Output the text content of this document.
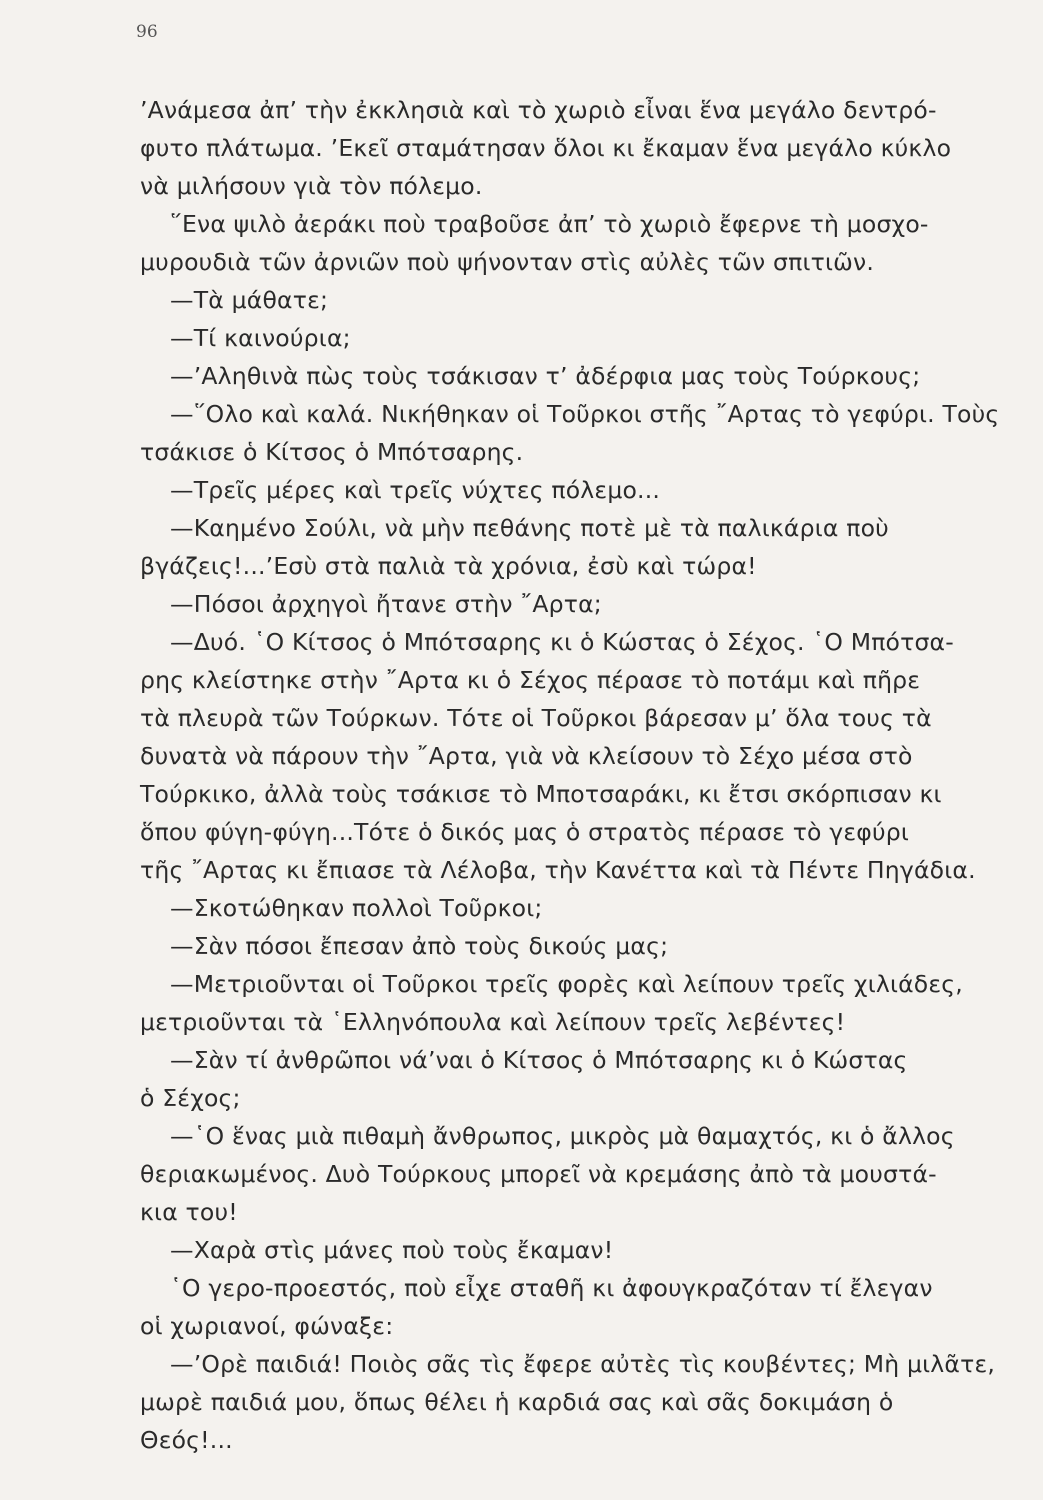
96
’Ανάμεσα ἀπ’ τὴν ἐκκλησιὰ καὶ τὸ χωριὸ εἶναι ἕνα μεγάλο δεντρό-
φυτο πλάτωμα. ’Εκεῖ σταμάτησαν ὅλοι κι ἔκαμαν ἕνα μεγάλο κύκλο
νὰ μιλήσουν γιὰ τὸν πόλεμο.
῞Ενα ψιλὸ ἀεράκι ποὺ τραβοῦσε ἀπ’ τὸ χωριὸ ἔφερνε τὴ μοσχο-
μυρουδιὰ τῶν ἀρνιῶν ποὺ ψήνονταν στὶς αὐλὲς τῶν σπιτιῶν.
—Τὰ μάθατε;
—Τί καινούρια;
—’Αληθινὰ πὼς τοὺς τσάκισαν τ’ ἀδέρφια μας τοὺς Τούρκους;
—῞Ολο καὶ καλά. Νικήθηκαν οἱ Τοῦρκοι στῆς ῎Αρτας τὸ γεφύρι. Τοὺς
τσάκισε ὁ Κίτσος ὁ Μπότσαρης.
—Τρεῖς μέρες καὶ τρεῖς νύχτες πόλεμο...
—Καημένο Σούλι, νὰ μὴν πεθάνης ποτὲ μὲ τὰ παλικάρια ποὺ
βγάζεις!...’Εσὺ στὰ παλιὰ τὰ χρόνια, ἐσὺ καὶ τώρα!
—Πόσοι ἀρχηγοὶ ἤτανε στὴν ῎Αρτα;
—Δυό. ῾Ο Κίτσος ὁ Μπότσαρης κι ὁ Κώστας ὁ Σέχος. ῾Ο Μπότσα-
ρης κλείστηκε στὴν ῎Αρτα κι ὁ Σέχος πέρασε τὸ ποτάμι καὶ πῆρε
τὰ πλευρὰ τῶν Τούρκων. Τότε οἱ Τοῦρκοι βάρεσαν μ’ ὅλα τους τὰ
δυνατὰ νὰ πάρουν τὴν ῎Αρτα, γιὰ νὰ κλείσουν τὸ Σέχο μέσα στὸ
Τούρκικο, ἀλλὰ τοὺς τσάκισε τὸ Μποτσαράκι, κι ἔτσι σκόρπισαν κι
ὅπου φύγη-φύγη...Τότε ὁ δικός μας ὁ στρατὸς πέρασε τὸ γεφύρι
τῆς ῎Αρτας κι ἔπιασε τὰ Λέλοβα, τὴν Κανέττα καὶ τὰ Πέντε Πηγάδια.
—Σκοτώθηκαν πολλοὶ Τοῦρκοι;
—Σὰν πόσοι ἔπεσαν ἀπὸ τοὺς δικούς μας;
—Μετριοῦνται οἱ Τοῦρκοι τρεῖς φορὲς καὶ λείπουν τρεῖς χιλιάδες,
μετριοῦνται τὰ ῾Ελληνόπουλα καὶ λείπουν τρεῖς λεβέντες!
—Σὰν τί ἀνθρῶποι νά’ναι ὁ Κίτσος ὁ Μπότσαρης κι ὁ Κώστας
ὁ Σέχος;
—῾Ο ἕνας μιὰ πιθαμὴ ἄνθρωπος, μικρὸς μὰ θαμαχτός, κι ὁ ἄλλος
θεριακωμένος. Δυὸ Τούρκους μπορεῖ νὰ κρεμάσης ἀπὸ τὰ μουστά-
κια του!
—Χαρὰ στὶς μάνες ποὺ τοὺς ἔκαμαν!
῾Ο γερο-προεστός, ποὺ εἶχε σταθῆ κι ἀφουγκραζόταν τί ἔλεγαν
οἱ χωριανοί, φώναξε:
—’Ορὲ παιδιά! Ποιὸς σᾶς τὶς ἔφερε αὐτὲς τὶς κουβέντες; Μὴ μιλᾶτε,
μωρὲ παιδιά μου, ὅπως θέλει ἡ καρδιά σας καὶ σᾶς δοκιμάση ὁ
Θεός!...
